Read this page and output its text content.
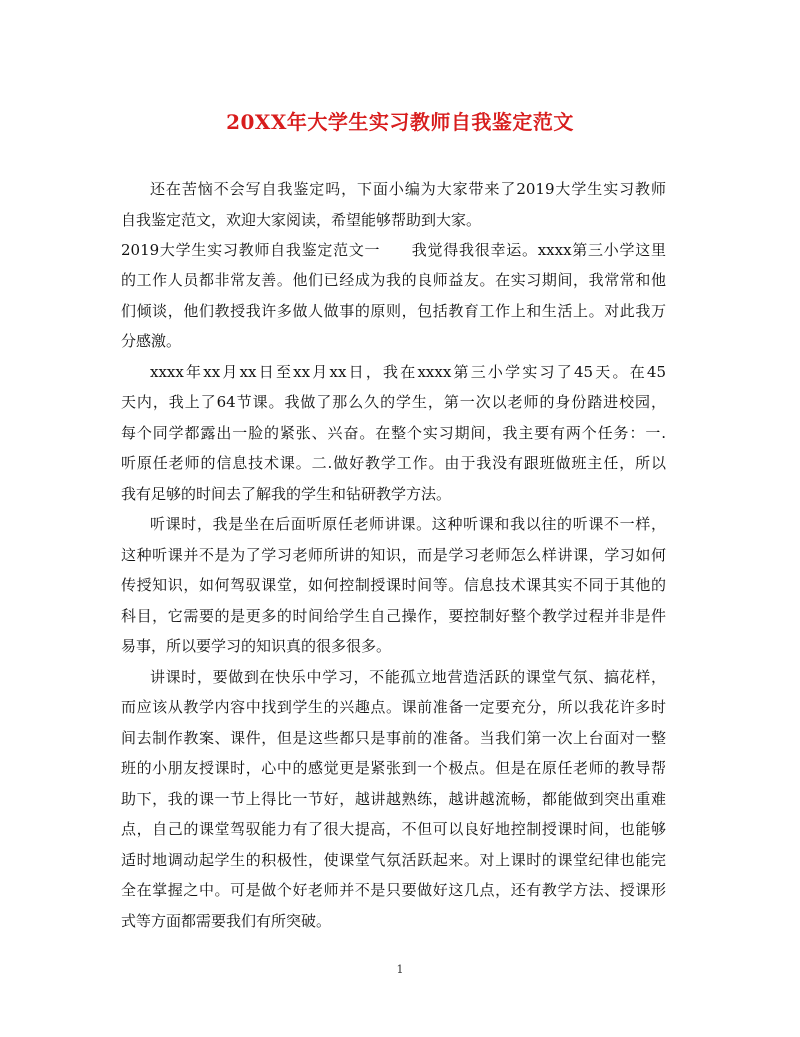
20XX年大学生实习教师自我鉴定范文
还在苦恼不会写自我鉴定吗，下面小编为大家带来了2019大学生实习教师
自我鉴定范文，欢迎大家阅读，希望能够帮助到大家。
2019大学生实习教师自我鉴定范文一　　我觉得我很幸运。xxxx第三小学这里
的工作人员都非常友善。他们已经成为我的良师益友。在实习期间，我常常和他
们倾谈，他们教授我许多做人做事的原则，包括教育工作上和生活上。对此我万
分感激。
xxxx年xx月xx日至xx月xx日，我在xxxx第三小学实习了45天。在45
天内，我上了64节课。我做了那么久的学生，第一次以老师的身份踏进校园，
每个同学都露出一脸的紧张、兴奋。在整个实习期间，我主要有两个任务：一.
听原任老师的信息技术课。二.做好教学工作。由于我没有跟班做班主任，所以
我有足够的时间去了解我的学生和钻研教学方法。
听课时，我是坐在后面听原任老师讲课。这种听课和我以往的听课不一样，
这种听课并不是为了学习老师所讲的知识，而是学习老师怎么样讲课，学习如何
传授知识，如何驾驭课堂，如何控制授课时间等。信息技术课其实不同于其他的
科目，它需要的是更多的时间给学生自己操作，要控制好整个教学过程并非是件
易事，所以要学习的知识真的很多很多。
讲课时，要做到在快乐中学习，不能孤立地营造活跃的课堂气氛、搞花样，
而应该从教学内容中找到学生的兴趣点。课前准备一定要充分，所以我花许多时
间去制作教案、课件，但是这些都只是事前的准备。当我们第一次上台面对一整
班的小朋友授课时，心中的感觉更是紧张到一个极点。但是在原任老师的教导帮
助下，我的课一节上得比一节好，越讲越熟练，越讲越流畅，都能做到突出重难
点，自己的课堂驾驭能力有了很大提高，不但可以良好地控制授课时间，也能够
适时地调动起学生的积极性，使课堂气氛活跃起来。对上课时的课堂纪律也能完
全在掌握之中。可是做个好老师并不是只要做好这几点，还有教学方法、授课形
式等方面都需要我们有所突破。
1
